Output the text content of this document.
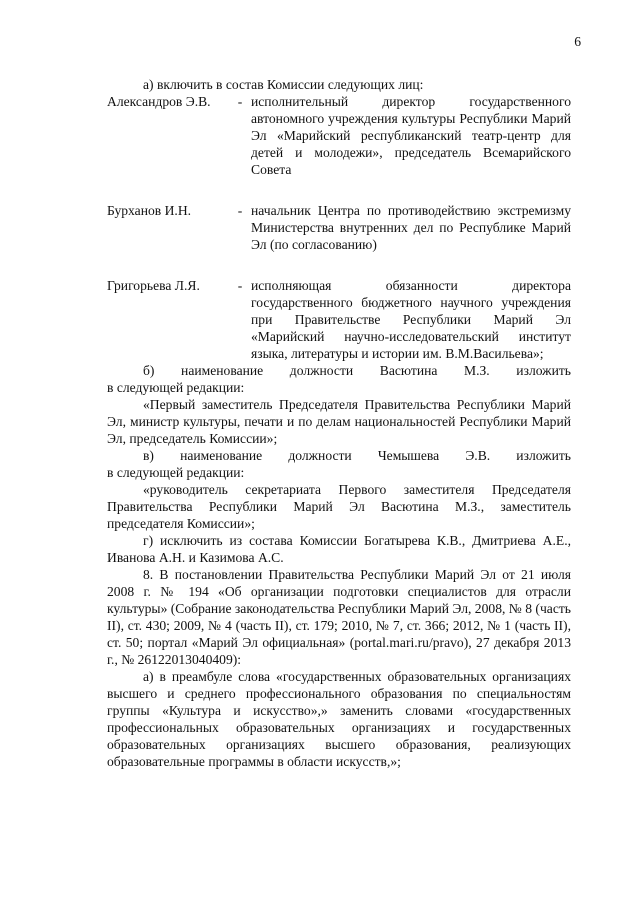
6

а) включить в состав Комиссии следующих лиц:

Александров Э.В.	- исполнительный директор государственного автономного учреждения культуры Республики Марий Эл «Марийский республиканский театр-центр для детей и молодежи», председатель Всемарийского Совета
Бурханов И.Н.	- начальник Центра по противодействию экстремизму Министерства внутренних дел по Республике Марий Эл (по согласованию)
Григорьева Л.Я.	- исполняющая обязанности директора государственного бюджетного научного учреждения при Правительстве Республики Марий Эл «Марийский научно-исследовательский институт языка, литературы и истории им. В.М.Васильева»;

б) наименование должности Васютина М.З. изложить
в следующей редакции:

«Первый заместитель Председателя Правительства Республики Марий Эл, министр культуры, печати и по делам национальностей Республики Марий Эл, председатель Комиссии»;

в) наименование должности Чемышева Э.В. изложить
в следующей редакции:

«руководитель секретариата Первого заместителя Председателя Правительства Республики Марий Эл Васютина М.З., заместитель председателя Комиссии»;

г) исключить из состава Комиссии Богатырева К.В., Дмитриева А.Е., Иванова А.Н. и Казимова А.С.

8. В постановлении Правительства Республики Марий Эл от 21 июля 2008 г. № 194 «Об организации подготовки специалистов для отрасли культуры» (Собрание законодательства Республики Марий Эл, 2008, № 8 (часть II), ст. 430; 2009, № 4 (часть II), ст. 179; 2010, № 7, ст. 366; 2012, № 1 (часть II), ст. 50; портал «Марий Эл официальная» (portal.mari.ru/pravo), 27 декабря 2013 г., № 26122013040409):

а) в преамбуле слова «государственных образовательных организациях высшего и среднего профессионального образования по специальностям группы «Культура и искусство»,» заменить словами «государственных профессиональных образовательных организациях и государственных образовательных организациях высшего образования, реализующих образовательные программы в области искусств,»;
